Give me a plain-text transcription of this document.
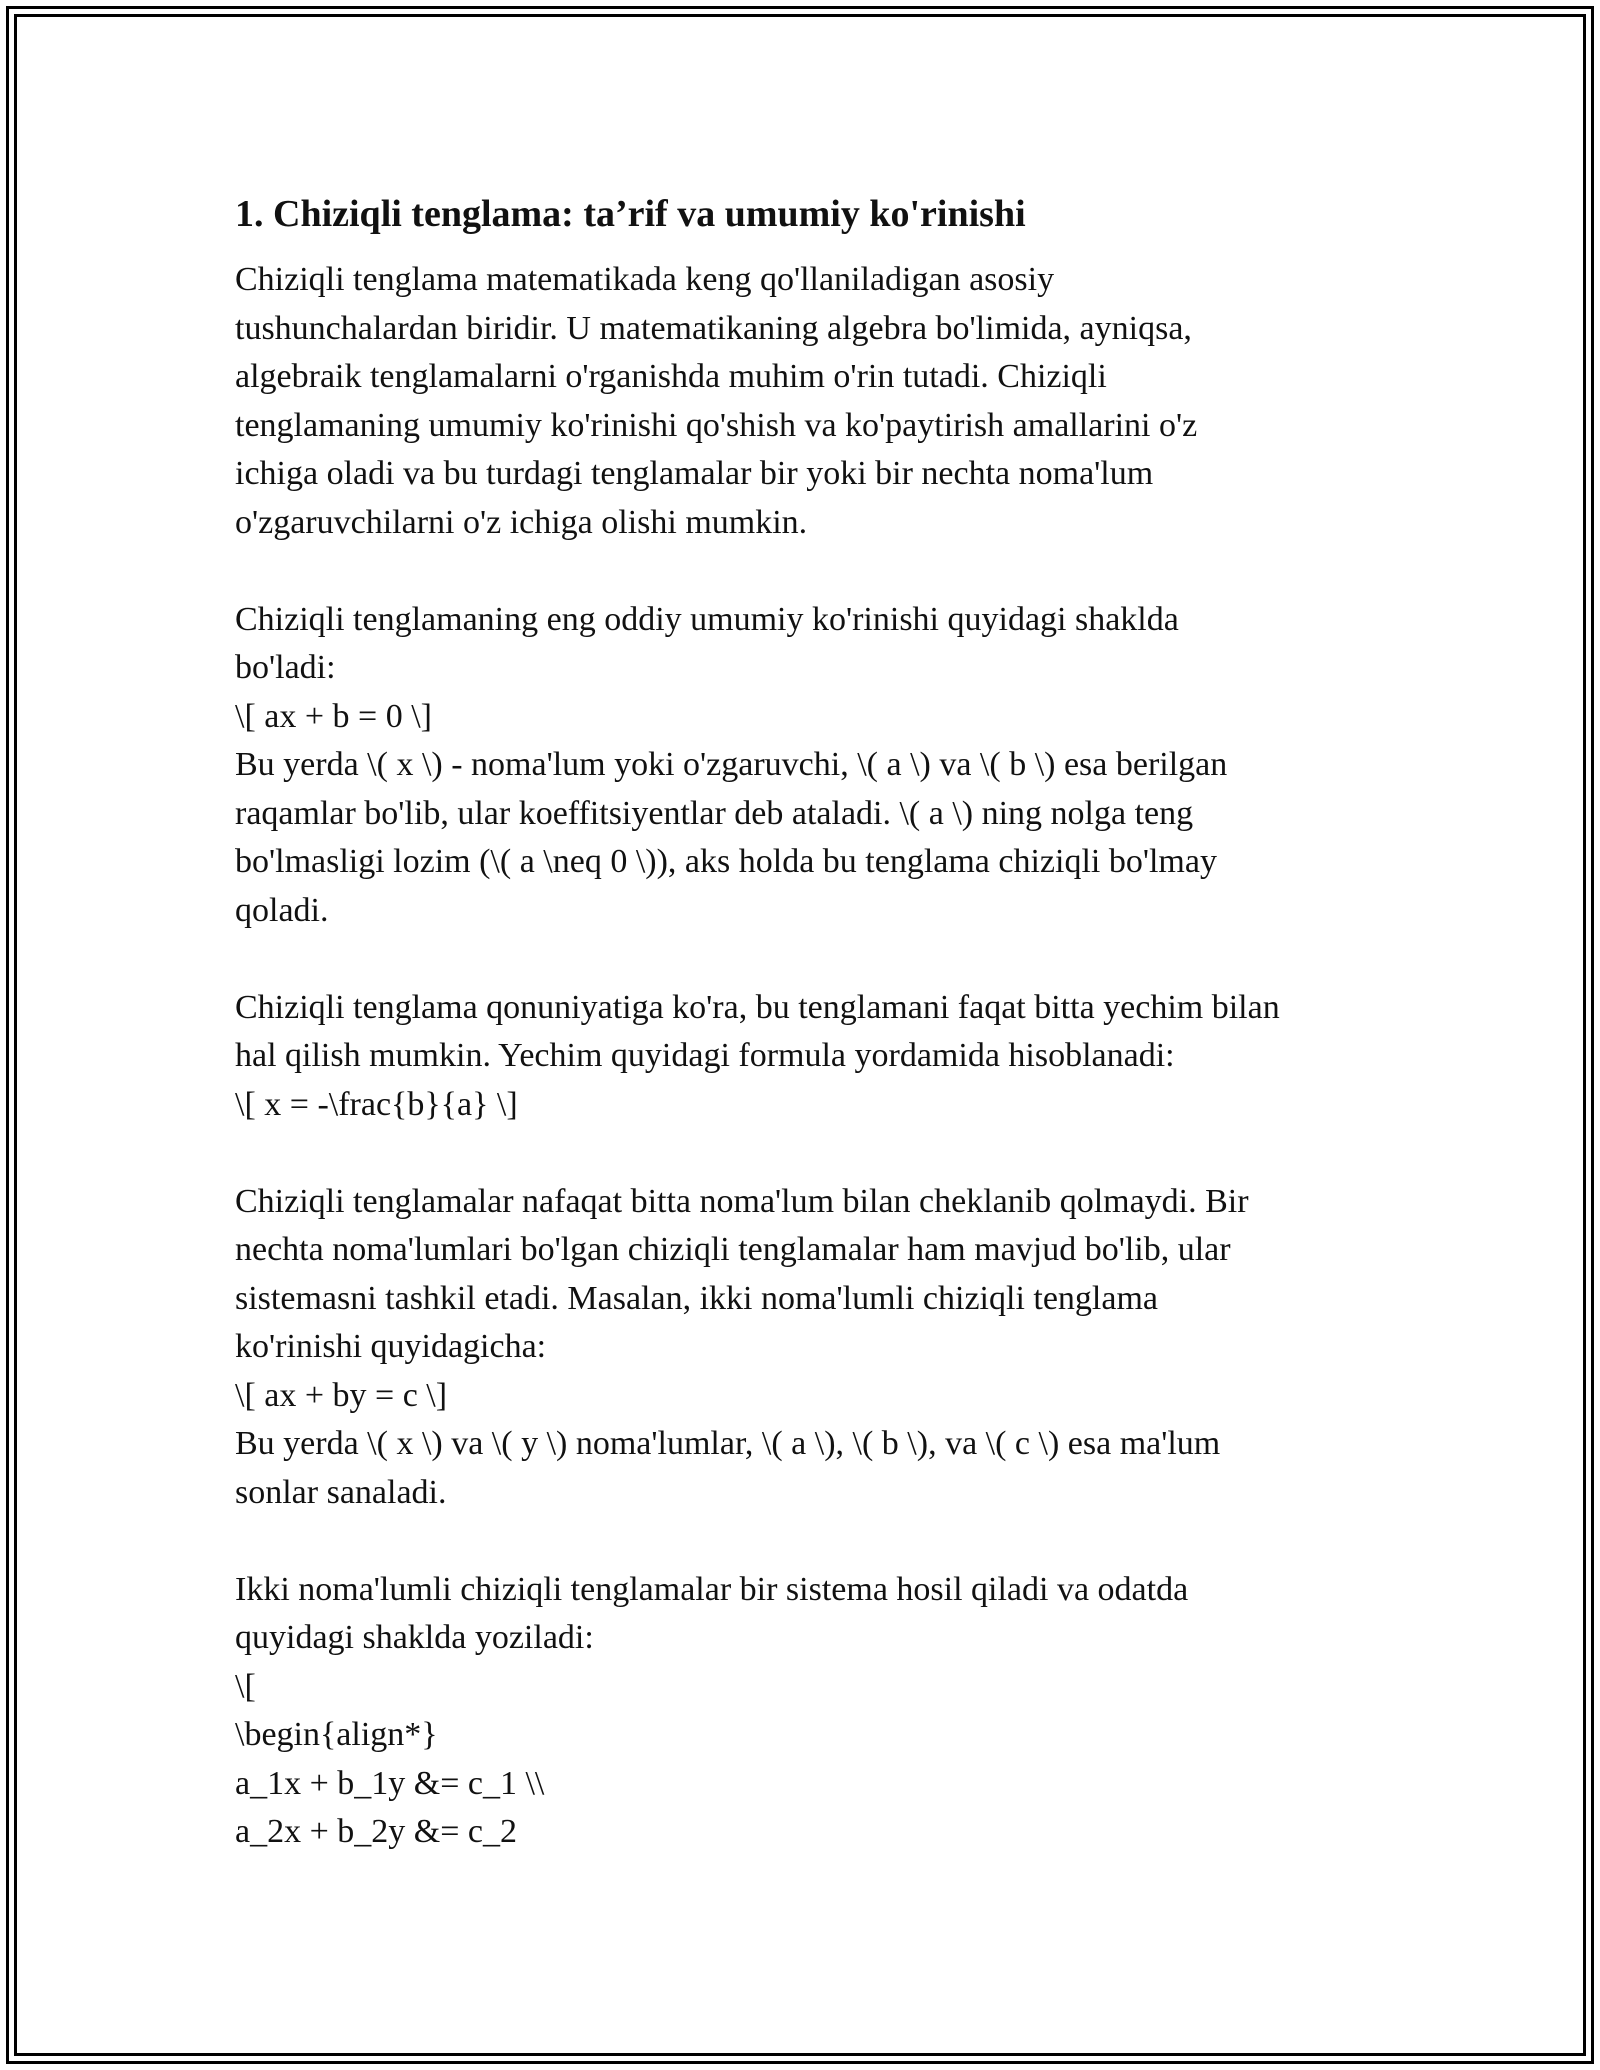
1. Chiziqli tenglama: ta’rif va umumiy ko'rinishi
Chiziqli tenglama matematikada keng qo'llaniladigan asosiy
tushunchalardan biridir. U matematikaning algebra bo'limida, ayniqsa,
algebraik tenglamalarni o'rganishda muhim o'rin tutadi. Chiziqli
tenglamaning umumiy ko'rinishi qo'shish va ko'paytirish amallarini o'z
ichiga oladi va bu turdagi tenglamalar bir yoki bir nechta noma'lum
o'zgaruvchilarni o'z ichiga olishi mumkin.
Chiziqli tenglamaning eng oddiy umumiy ko'rinishi quyidagi shaklda
bo'ladi:
\[ ax + b = 0 \]
Bu yerda \( x \) - noma'lum yoki o'zgaruvchi, \( a \) va \( b \) esa berilgan
raqamlar bo'lib, ular koeffitsiyentlar deb ataladi. \( a \) ning nolga teng
bo'lmasligi lozim (\( a \neq 0 \)), aks holda bu tenglama chiziqli bo'lmay
qoladi.
Chiziqli tenglama qonuniyatiga ko'ra, bu tenglamani faqat bitta yechim bilan
hal qilish mumkin. Yechim quyidagi formula yordamida hisoblanadi:
\[ x = -\frac{b}{a} \]
Chiziqli tenglamalar nafaqat bitta noma'lum bilan cheklanib qolmaydi. Bir
nechta noma'lumlari bo'lgan chiziqli tenglamalar ham mavjud bo'lib, ular
sistemasni tashkil etadi. Masalan, ikki noma'lumli chiziqli tenglama
ko'rinishi quyidagicha:
\[ ax + by = c \]
Bu yerda \( x \) va \( y \) noma'lumlar, \( a \), \( b \), va \( c \) esa ma'lum
sonlar sanaladi.
Ikki noma'lumli chiziqli tenglamalar bir sistema hosil qiladi va odatda
quyidagi shaklda yoziladi:
\[
\begin{align*}
a_1x + b_1y &= c_1 \\
a_2x + b_2y &= c_2
